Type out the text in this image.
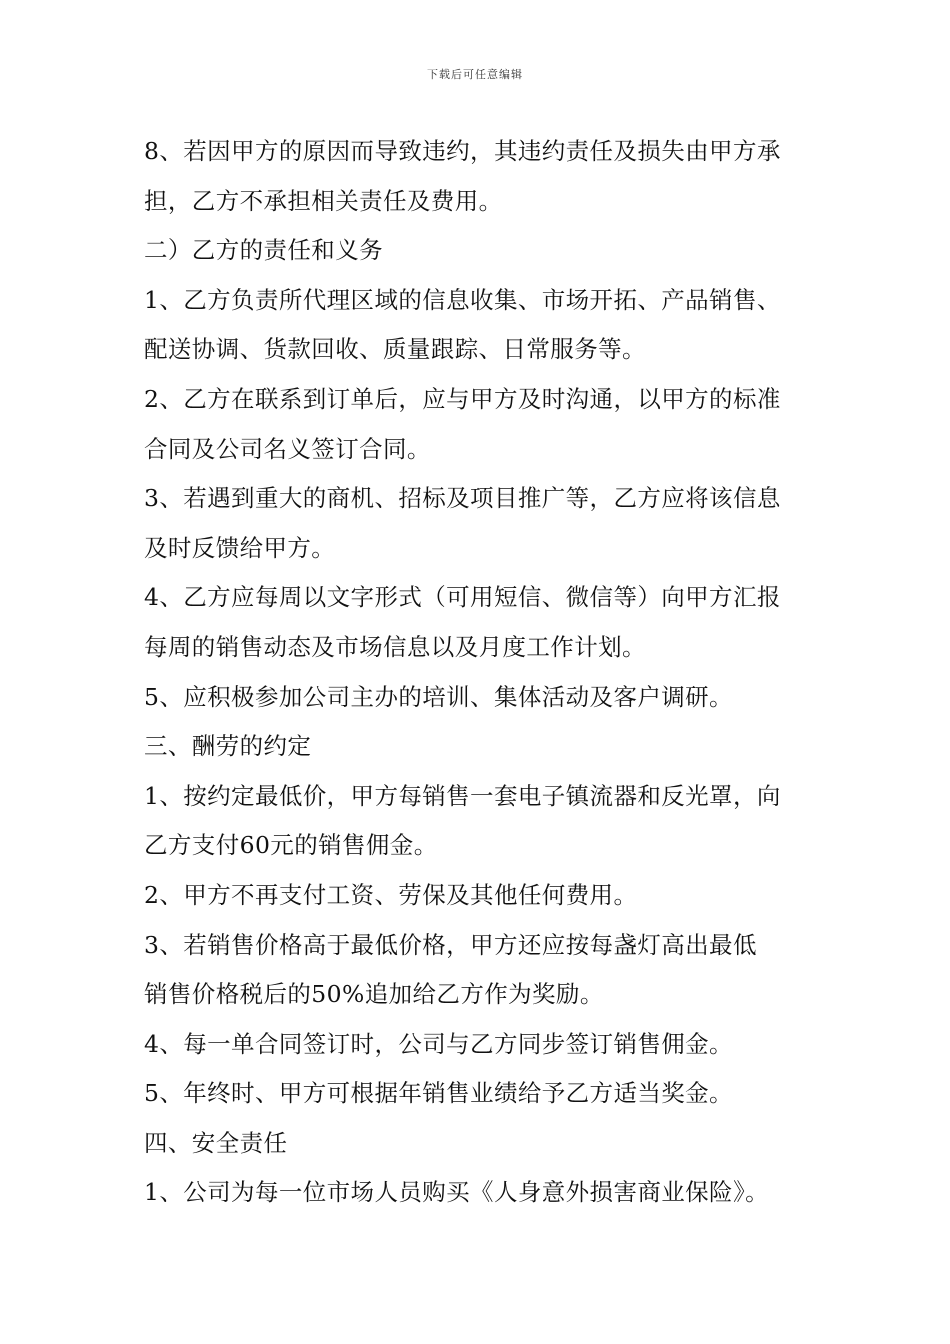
下载后可任意编辑
8、若因甲方的原因而导致违约，其违约责任及损失由甲方承
担，乙方不承担相关责任及费用。
二）乙方的责任和义务
1、乙方负责所代理区域的信息收集、市场开拓、产品销售、
配送协调、货款回收、质量跟踪、日常服务等。
2、乙方在联系到订单后，应与甲方及时沟通，以甲方的标准
合同及公司名义签订合同。
3、若遇到重大的商机、招标及项目推广等，乙方应将该信息
及时反馈给甲方。
4、乙方应每周以文字形式（可用短信、微信等）向甲方汇报
每周的销售动态及市场信息以及月度工作计划。
5、应积极参加公司主办的培训、集体活动及客户调研。
三、酬劳的约定
1、按约定最低价，甲方每销售一套电子镇流器和反光罩，向
乙方支付60元的销售佣金。
2、甲方不再支付工资、劳保及其他任何费用。
3、若销售价格高于最低价格，甲方还应按每盏灯高出最低
销售价格税后的50%追加给乙方作为奖励。
4、每一单合同签订时，公司与乙方同步签订销售佣金。
5、年终时、甲方可根据年销售业绩给予乙方适当奖金。
四、安全责任
1、公司为每一位市场人员购买《人身意外损害商业保险》。
